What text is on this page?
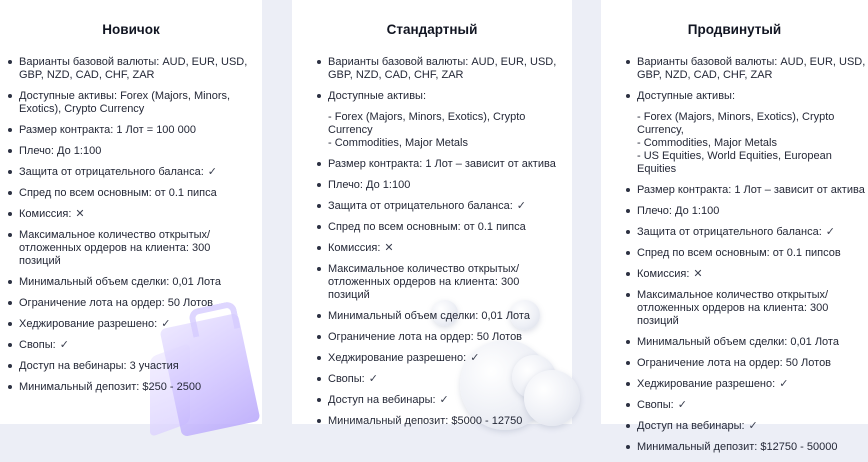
Новичок
Варианты базовой валюты: AUD, EUR, USD, GBP, NZD, CAD, CHF, ZAR
Доступные активы: Forex (Majors, Minors, Exotics), Crypto Currency
Размер контракта: 1 Лот = 100 000
Плечо: До 1:100
Защита от отрицательного баланса: ✓
Спред по всем основным: от 0.1 пипса
Комиссия: ✕
Максимальное количество открытых/ отложенных ордеров на клиента: 300 позиций
Минимальный объем сделки: 0,01 Лота
Ограничение лота на ордер: 50 Лотов
Хеджирование разрешено: ✓
Свопы: ✓
Доступ на вебинары: 3 участия
Минимальный депозит: $250 - 2500
Стандартный
Варианты базовой валюты: AUD, EUR, USD, GBP, NZD, CAD, CHF, ZAR
Доступные активы:
- Forex (Majors, Minors, Exotics), Crypto Currency
- Commodities, Major Metals
Размер контракта: 1 Лот – зависит от актива
Плечо: До 1:100
Защита от отрицательного баланса: ✓
Спред по всем основным: от 0.1 пипса
Комиссия: ✕
Максимальное количество открытых/ отложенных ордеров на клиента: 300 позиций
Минимальный объем сделки: 0,01 Лота
Ограничение лота на ордер: 50 Лотов
Хеджирование разрешено: ✓
Свопы: ✓
Доступ на вебинары: ✓
Минимальный депозит: $5000 - 12750
Продвинутый
Варианты базовой валюты: AUD, EUR, USD, GBP, NZD, CAD, CHF, ZAR
Доступные активы:
- Forex (Majors, Minors, Exotics), Crypto Currency,
- Commodities, Major Metals
- US Equities, World Equities, European Equities
Размер контракта: 1 Лот – зависит от актива
Плечо: До 1:100
Защита от отрицательного баланса: ✓
Спред по всем основным: от 0.1 пипсов
Комиссия: ✕
Максимальное количество открытых/ отложенных ордеров на клиента: 300 позиций
Минимальный объем сделки: 0,01 Лота
Ограничение лота на ордер: 50 Лотов
Хеджирование разрешено: ✓
Свопы: ✓
Доступ на вебинары: ✓
Минимальный депозит: $12750 - 50000
